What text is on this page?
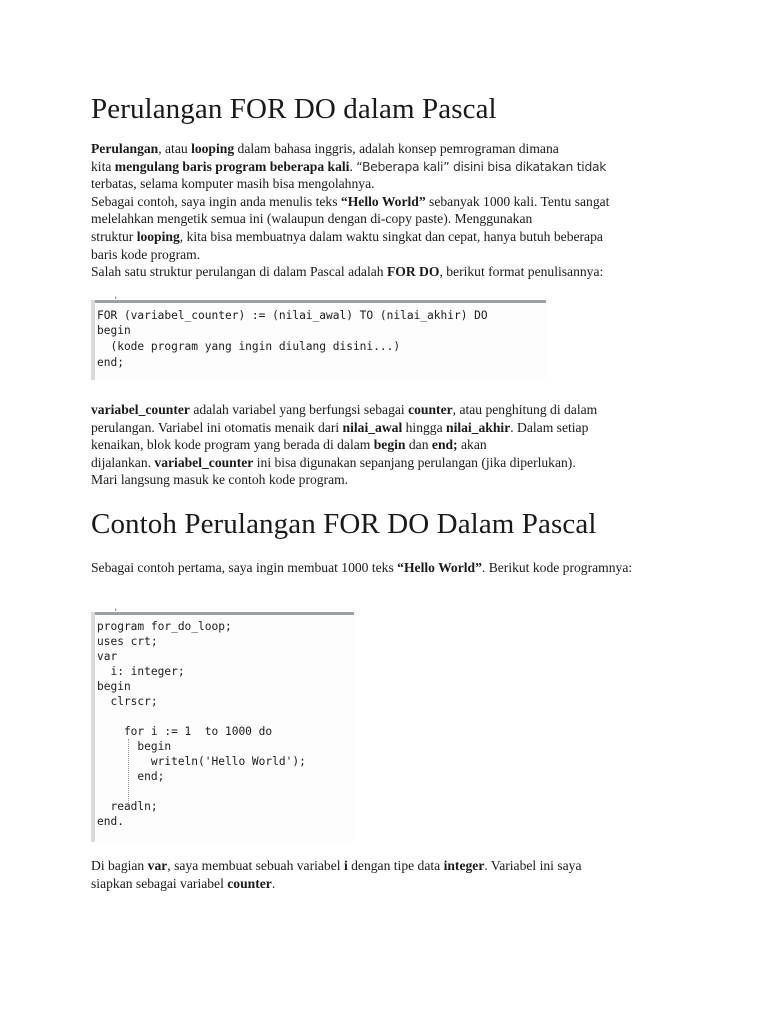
Perulangan FOR DO dalam Pascal
Perulangan, atau looping dalam bahasa inggris, adalah konsep pemrograman dimana
kita mengulang baris program beberapa kali. “Beberapa kali” disini bisa dikatakan tidak
terbatas, selama komputer masih bisa mengolahnya.
Sebagai contoh, saya ingin anda menulis teks “Hello World” sebanyak 1000 kali. Tentu sangat
melelahkan mengetik semua ini (walaupun dengan di-copy paste). Menggunakan
struktur looping, kita bisa membuatnya dalam waktu singkat dan cepat, hanya butuh beberapa
baris kode program.
Salah satu struktur perulangan di dalam Pascal adalah FOR DO, berikut format penulisannya:
'
FOR (variabel_counter) := (nilai_awal) TO (nilai_akhir) DO
begin
(kode program yang ingin diulang disini...)
end;
variabel_counter adalah variabel yang berfungsi sebagai counter, atau penghitung di dalam
perulangan. Variabel ini otomatis menaik dari nilai_awal hingga nilai_akhir. Dalam setiap
kenaikan, blok kode program yang berada di dalam begin dan end; akan
dijalankan. variabel_counter ini bisa digunakan sepanjang perulangan (jika diperlukan).
Mari langsung masuk ke contoh kode program.
Contoh Perulangan FOR DO Dalam Pascal
Sebagai contoh pertama, saya ingin membuat 1000 teks “Hello World”. Berikut kode programnya:
'
program for_do_loop;
uses crt;
var
i: integer;
begin
clrscr;
for i := 1  to 1000 do
begin
writeln('Hello World');
end;
readln;
end.
Di bagian var, saya membuat sebuah variabel i dengan tipe data integer. Variabel ini saya
siapkan sebagai variabel counter.
